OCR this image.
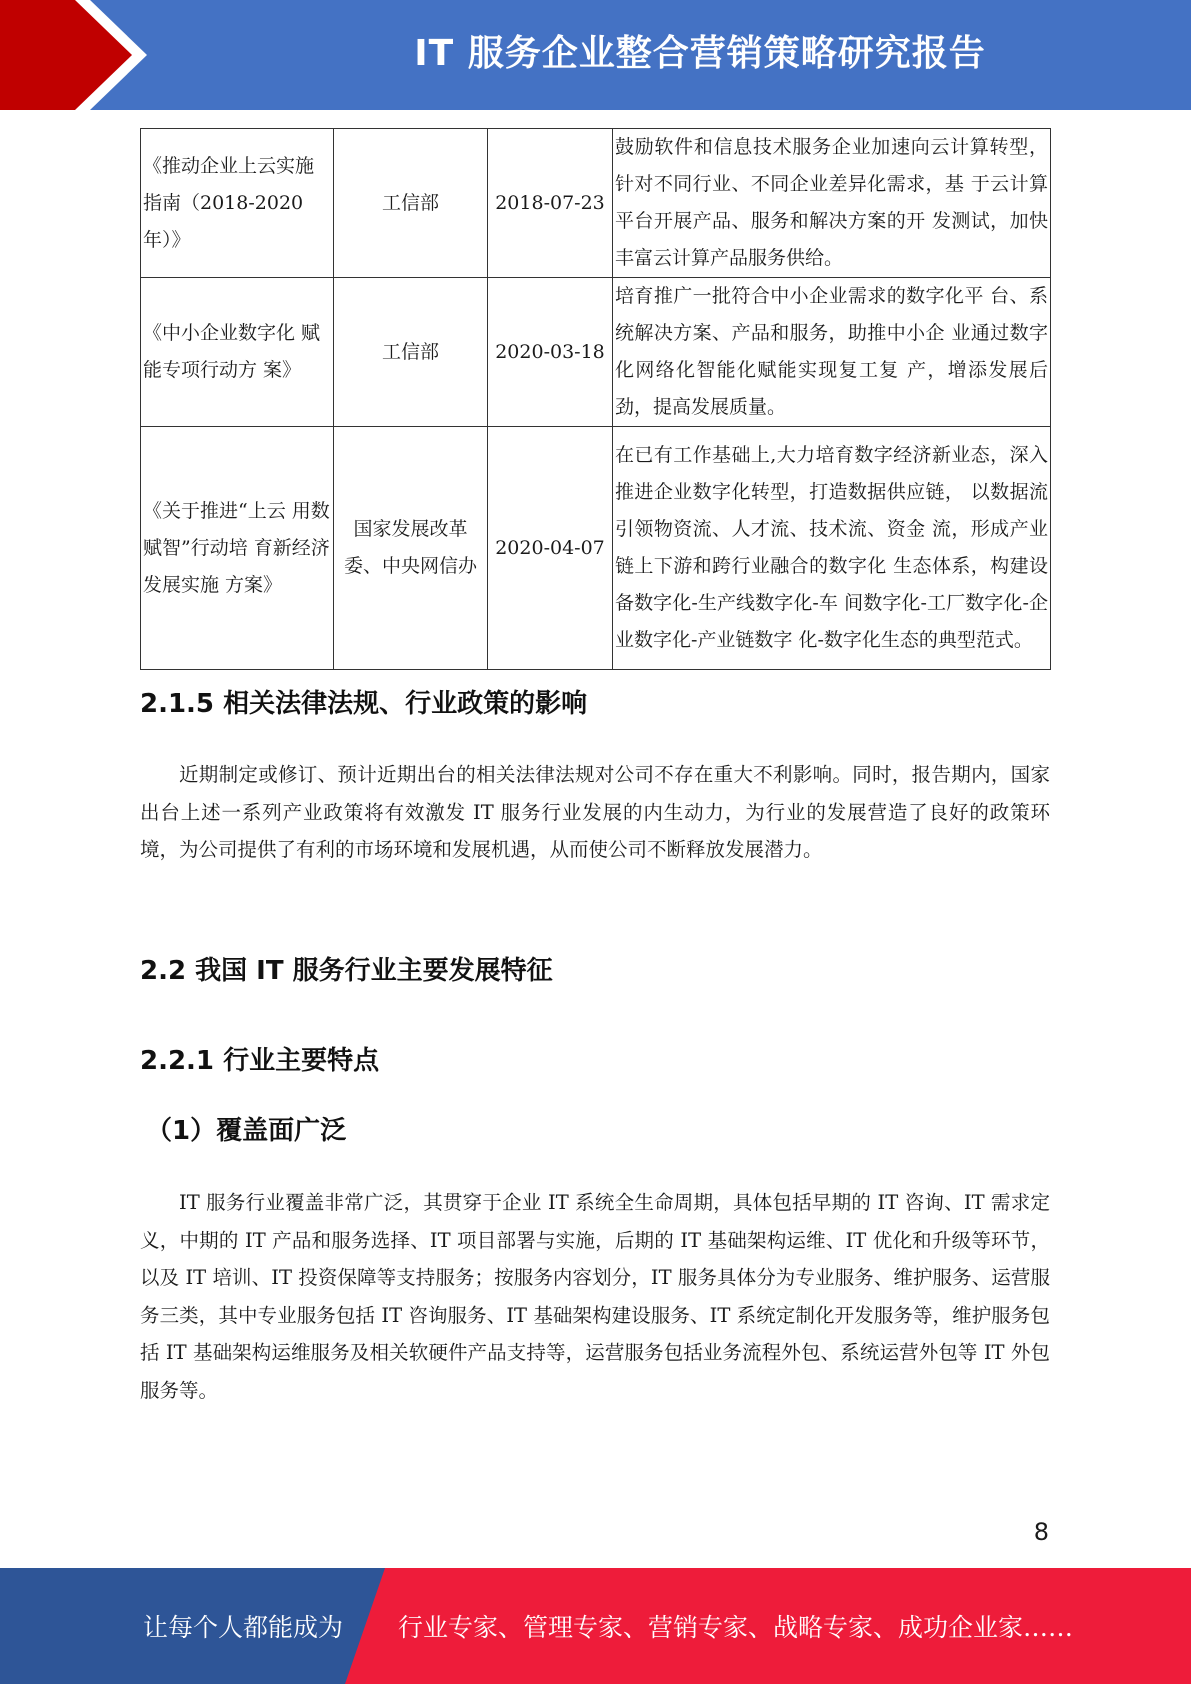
IT 服务企业整合营销策略研究报告
《推动企业上云实施指南（2018-2020年）》	工信部	2018-07-23	鼓励软件和信息技术服务企业加速向云计算转型，针对不同行业、不同企业差异化需求，基 于云计算平台开展产品、服务和解决方案的开 发测试，加快丰富云计算产品服务供给。
《中小企业数字化 赋能专项行动方 案》	工信部	2020-03-18	培育推广一批符合中小企业需求的数字化平 台、系统解决方案、产品和服务，助推中小企 业通过数字化网络化智能化赋能实现复工复 产，增添发展后劲，提高发展质量。
《关于推进“上云 用数赋智”行动培 育新经济发展实施 方案》	国家发展改革委、中央网信办	2020-04-07	在已有工作基础上,大力培育数字经济新业态，深入推进企业数字化转型，打造数据供应链， 以数据流引领物资流、人才流、技术流、资金 流，形成产业链上下游和跨行业融合的数字化 生态体系，构建设备数字化-生产线数字化-车 间数字化-工厂数字化-企业数字化-产业链数字 化-数字化生态的典型范式。
2.1.5 相关法律法规、行业政策的影响

近期制定或修订、预计近期出台的相关法律法规对公司不存在重大不利影响。同时，报告期内，国家出台上述一系列产业政策将有效激发 IT 服务行业发展的内生动力，为行业的发展营造了良好的政策环境，为公司提供了有利的市场环境和发展机遇，从而使公司不断释放发展潜力。

2.2 我国 IT 服务行业主要发展特征
2.2.1 行业主要特点
（1）覆盖面广泛

IT 服务行业覆盖非常广泛，其贯穿于企业 IT 系统全生命周期，具体包括早期的 IT 咨询、IT 需求定义，中期的 IT 产品和服务选择、IT 项目部署与实施，后期的 IT 基础架构运维、IT 优化和升级等环节，以及 IT 培训、IT 投资保障等支持服务；按服务内容划分，IT 服务具体分为专业服务、维护服务、运营服务三类，其中专业服务包括 IT 咨询服务、IT 基础架构建设服务、IT 系统定制化开发服务等，维护服务包括 IT 基础架构运维服务及相关软硬件产品支持等，运营服务包括业务流程外包、系统运营外包等 IT 外包服务等。

8
让每个人都能成为 行业专家、管理专家、营销专家、战略专家、成功企业家……
